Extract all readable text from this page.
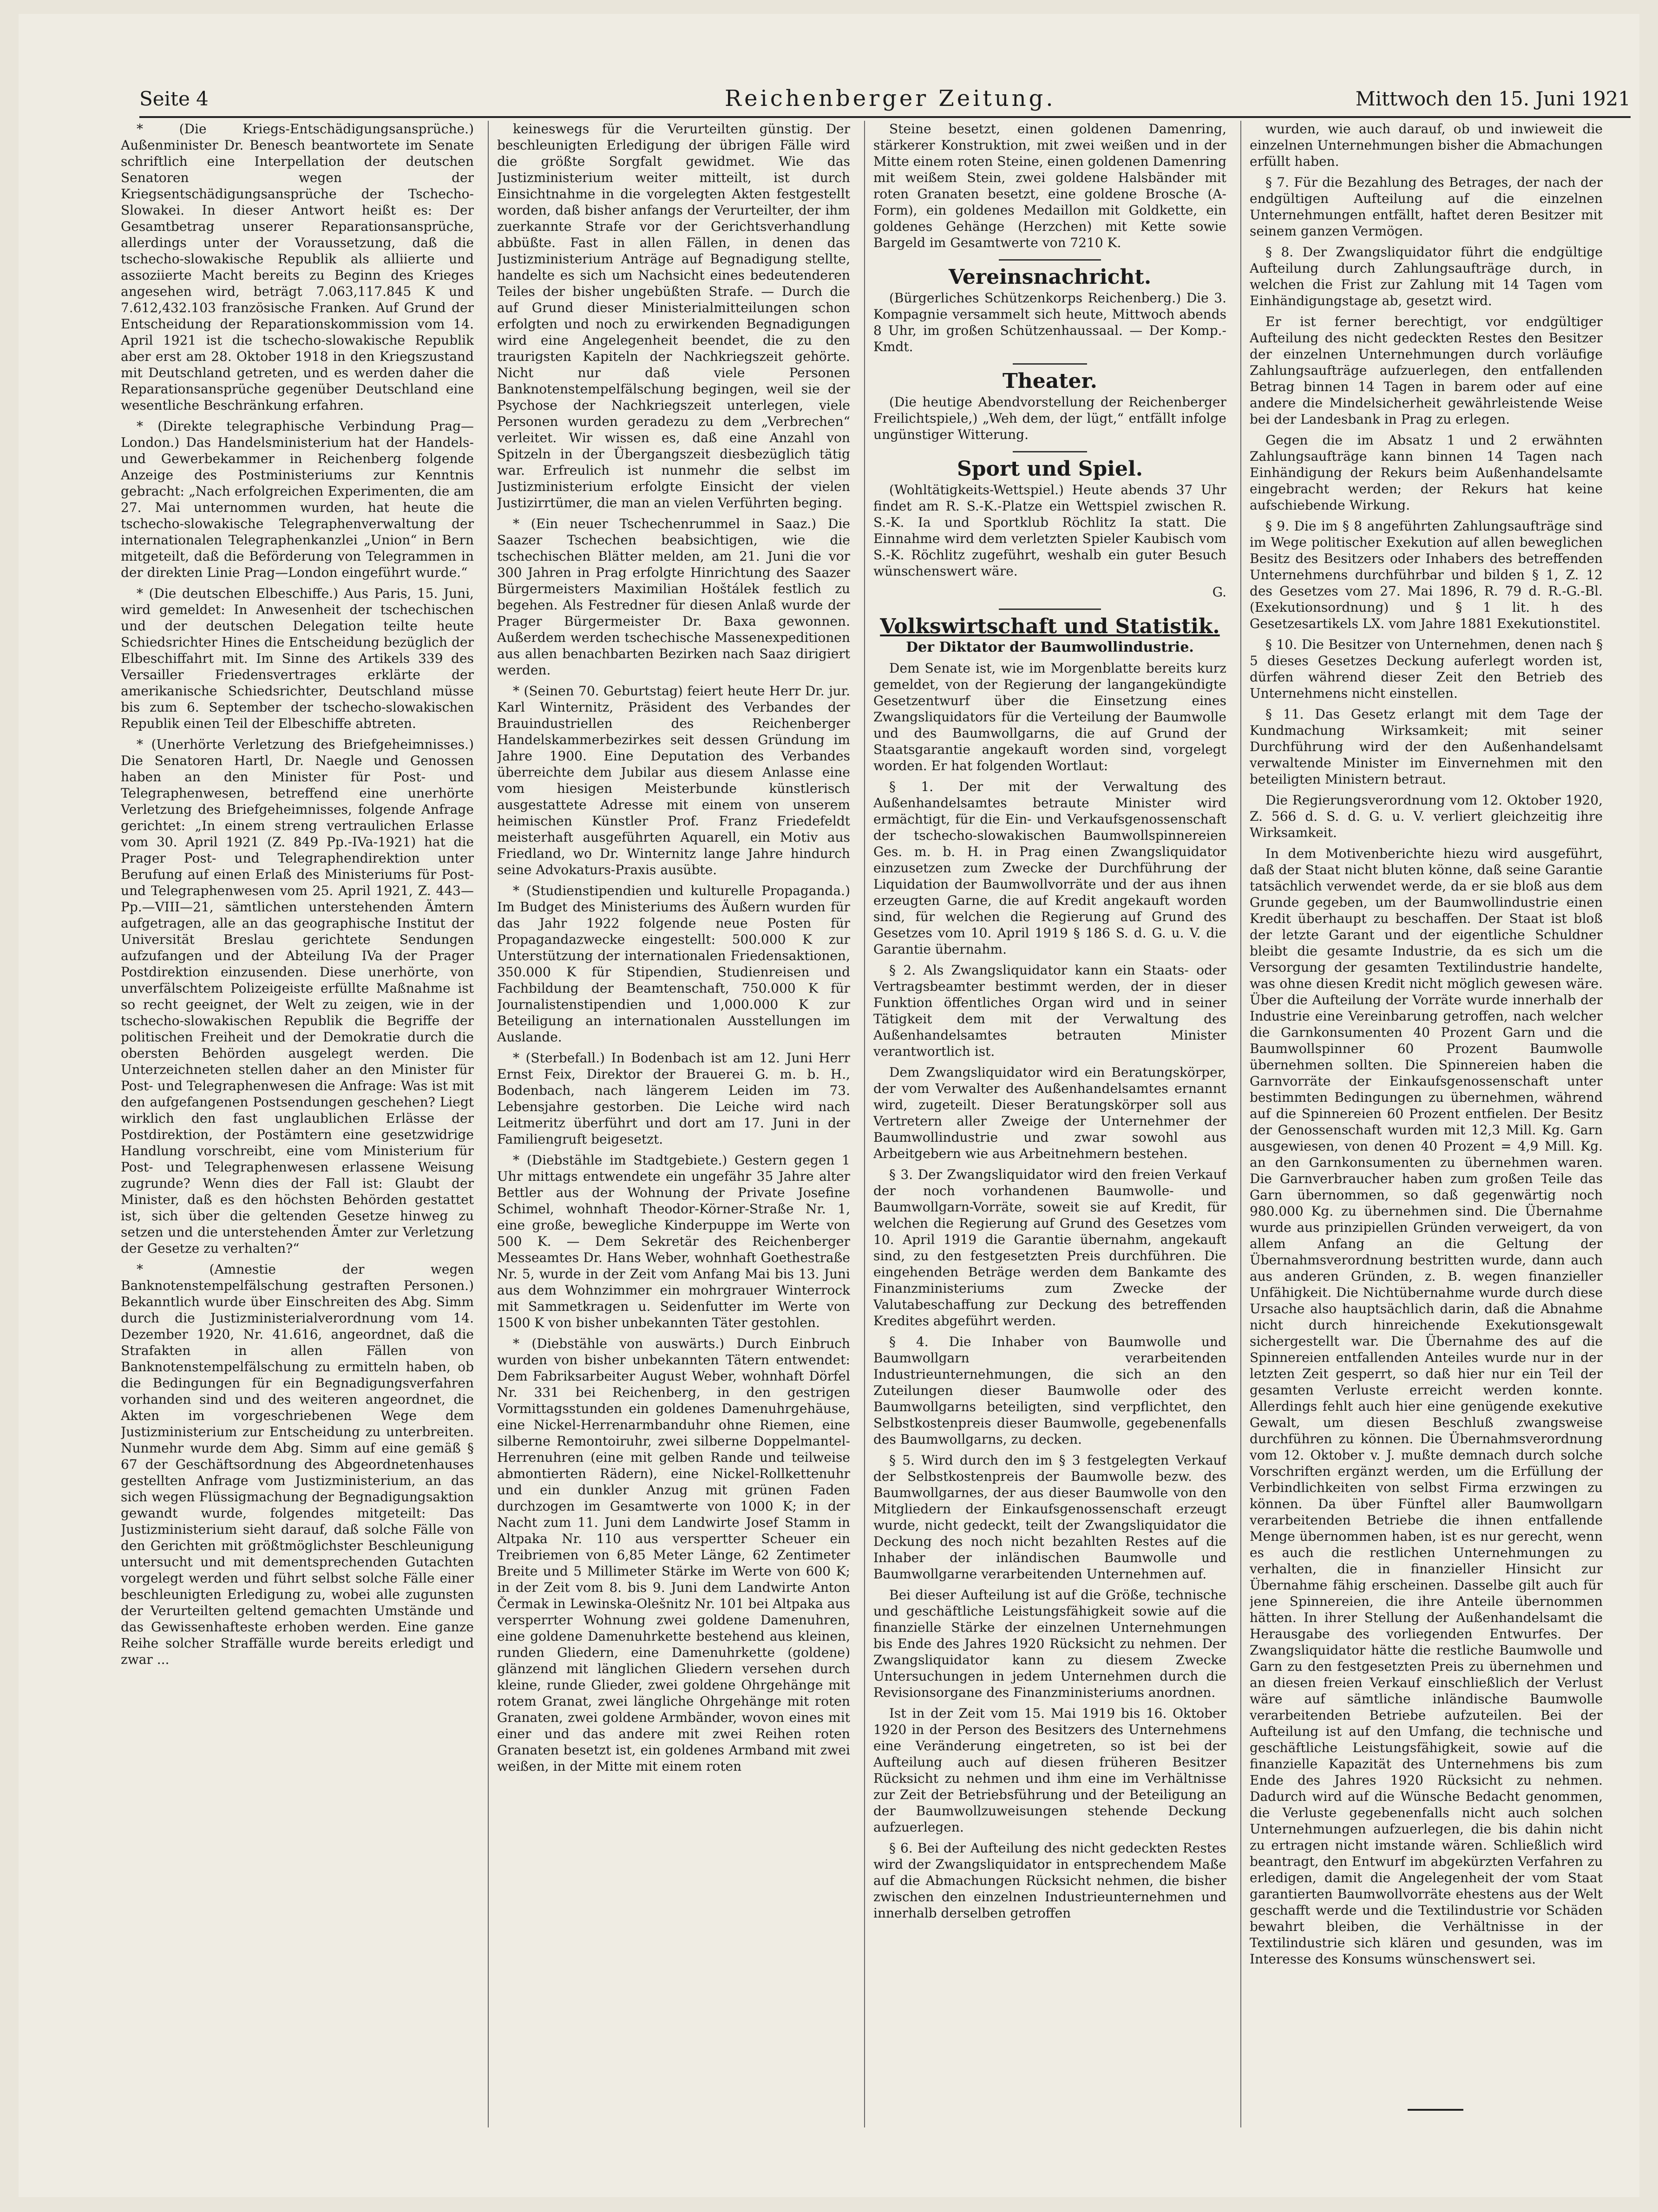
Seite 4	Reichenberger Zeitung.	Mittwoch den 15. Juni 1921

* (Die Kriegs-Entschädigungsansprüche.) Außenminister Dr. Benesch beantwortete im Senate schriftlich eine Interpellation der deutschen Senatoren wegen der Kriegsentschädigungsansprüche der Tschecho-Slowakei. In dieser Antwort heißt es: Der Gesamtbetrag unserer Reparationsansprüche, allerdings unter der Voraussetzung, daß die tschecho-slowakische Republik als alliierte und assoziierte Macht bereits zu Beginn des Krieges angesehen wird, beträgt 7.063,117.845 K und 7.612,432.103 französische Franken. Auf Grund der Entscheidung der Reparationskommission vom 14. April 1921 ist die tschecho-slowakische Republik aber erst am 28. Oktober 1918 in den Kriegszustand mit Deutschland getreten, und es werden daher die Reparationsansprüche gegenüber Deutschland eine wesentliche Beschränkung erfahren.

* (Direkte telegraphische Verbindung Prag—London.) Das Handelsministerium hat der Handels- und Gewerbekammer in Reichenberg folgende Anzeige des Postministeriums zur Kenntnis gebracht: „Nach erfolgreichen Experimenten, die am 27. Mai unternommen wurden, hat heute die tschecho-slowakische Telegraphenverwaltung der internationalen Telegraphenkanzlei „Union“ in Bern mitgeteilt, daß die Beförderung von Telegrammen in der direkten Linie Prag—London eingeführt wurde.“

* (Die deutschen Elbeschiffe.) Aus Paris, 15. Juni, wird gemeldet: In Anwesenheit der tschechischen und der deutschen Delegation teilte heute Schiedsrichter Hines die Entscheidung bezüglich der Elbeschiffahrt mit. Im Sinne des Artikels 339 des Versailler Friedensvertrages erklärte der amerikanische Schiedsrichter, Deutschland müsse bis zum 6. September der tschecho-slowakischen Republik einen Teil der Elbeschiffe abtreten.

* (Unerhörte Verletzung des Briefgeheimnisses.) Die Senatoren Hartl, Dr. Naegle und Genossen haben an den Minister für Post- und Telegraphenwesen, betreffend eine unerhörte Verletzung des Briefgeheimnisses, folgende Anfrage gerichtet: „In einem streng vertraulichen Erlasse vom 30. April 1921 (Z. 849 Pp.-IVa-1921) hat die Prager Post- und Telegraphendirektion unter Berufung auf einen Erlaß des Ministeriums für Post- und Telegraphenwesen vom 25. April 1921, Z. 443—Pp.—VIII—21, sämtlichen unterstehenden Ämtern aufgetragen, alle an das geographische Institut der Universität Breslau gerichtete Sendungen aufzufangen und der Abteilung IVa der Prager Postdirektion einzusenden. Diese unerhörte, von unverfälschtem Polizeigeiste erfüllte Maßnahme ist so recht geeignet, der Welt zu zeigen, wie in der tschecho-slowakischen Republik die Begriffe der politischen Freiheit und der Demokratie durch die obersten Behörden ausgelegt werden. Die Unterzeichneten stellen daher an den Minister für Post- und Telegraphenwesen die Anfrage: Was ist mit den aufgefangenen Postsendungen geschehen? Liegt wirklich den fast unglaublichen Erlässe der Postdirektion, der Postämtern eine gesetzwidrige Handlung vorschreibt, eine vom Ministerium für Post- und Telegraphenwesen erlassene Weisung zugrunde? Wenn dies der Fall ist: Glaubt der Minister, daß es den höchsten Behörden gestattet ist, sich über die geltenden Gesetze hinweg zu setzen und die unterstehenden Ämter zur Verletzung der Gesetze zu verhalten?“

* (Amnestie der wegen Banknotenstempelfälschung gestraften Personen.) Bekanntlich wurde über Einschreiten des Abg. Simm durch die Justizministerialverordnung vom 14. Dezember 1920, Nr. 41.616, angeordnet, daß die Strafakten in allen Fällen von Banknotenstempelfälschung zu ermitteln haben, ob die Bedingungen für ein Begnadigungsverfahren vorhanden sind und des weiteren angeordnet, die Akten im vorgeschriebenen Wege dem Justizministerium zur Entscheidung zu unterbreiten. Nunmehr wurde dem Abg. Simm auf eine gemäß § 67 der Geschäftsordnung des Abgeordnetenhauses gestellten Anfrage vom Justizministerium, an das sich wegen Flüssigmachung der Begnadigungsaktion gewandt wurde, folgendes mitgeteilt: Das Justizministerium sieht darauf, daß solche Fälle von den Gerichten mit größtmöglichster Beschleunigung untersucht und mit dementsprechenden Gutachten vorgelegt werden und führt selbst solche Fälle einer beschleunigten Erledigung zu, wobei alle zugunsten der Verurteilten geltend gemachten Umstände und das Gewissenhafteste erhoben werden. Eine ganze Reihe solcher Straffälle wurde bereits erledigt und zwar ...

keineswegs für die Verurteilten günstig. Der beschleunigten Erledigung der übrigen Fälle wird die größte Sorgfalt gewidmet. Wie das Justizministerium weiter mitteilt, ist durch Einsichtnahme in die vorgelegten Akten festgestellt worden, daß bisher anfangs der Verurteilter, der ihm zuerkannte Strafe vor der Gerichtsverhandlung abbüßte. Fast in allen Fällen, in denen das Justizministerium Anträge auf Begnadigung stellte, handelte es sich um Nachsicht eines bedeutenderen Teiles der bisher ungebüßten Strafe. — Durch die auf Grund dieser Ministerialmitteilungen schon erfolgten und noch zu erwirkenden Begnadigungen wird eine Angelegenheit beendet, die zu den traurigsten Kapiteln der Nachkriegszeit gehörte. Nicht nur daß viele Personen Banknotenstempelfälschung begingen, weil sie der Psychose der Nachkriegszeit unterlegen, viele Personen wurden geradezu zu dem „Verbrechen“ verleitet. Wir wissen es, daß eine Anzahl von Spitzeln in der Übergangszeit diesbezüglich tätig war. Erfreulich ist nunmehr die selbst im Justizministerium erfolgte Einsicht der vielen Justizirrtümer, die man an vielen Verführten beging.

* (Ein neuer Tschechenrummel in Saaz.) Die Saazer Tschechen beabsichtigen, wie die tschechischen Blätter melden, am 21. Juni die vor 300 Jahren in Prag erfolgte Hinrichtung des Saazer Bürgermeisters Maximilian Hoštálek festlich zu begehen. Als Festredner für diesen Anlaß wurde der Prager Bürgermeister Dr. Baxa gewonnen. Außerdem werden tschechische Massenexpeditionen aus allen benachbarten Bezirken nach Saaz dirigiert werden.

* (Seinen 70. Geburtstag) feiert heute Herr Dr. jur. Karl Winternitz, Präsident des Verbandes der Brauindustriellen des Reichenberger Handelskammerbezirkes seit dessen Gründung im Jahre 1900. Eine Deputation des Verbandes überreichte dem Jubilar aus diesem Anlasse eine vom hiesigen Meisterbunde künstlerisch ausgestattete Adresse mit einem von unserem heimischen Künstler Prof. Franz Friedefeldt meisterhaft ausgeführten Aquarell, ein Motiv aus Friedland, wo Dr. Winternitz lange Jahre hindurch seine Advokaturs-Praxis ausübte.

* (Studienstipendien und kulturelle Propaganda.) Im Budget des Ministeriums des Äußern wurden für das Jahr 1922 folgende neue Posten für Propagandazwecke eingestellt: 500.000 K zur Unterstützung der internationalen Friedensaktionen, 350.000 K für Stipendien, Studienreisen und Fachbildung der Beamtenschaft, 750.000 K für Journalistenstipendien und 1,000.000 K zur Beteiligung an internationalen Ausstellungen im Auslande.

* (Sterbefall.) In Bodenbach ist am 12. Juni Herr Ernst Feix, Direktor der Brauerei G. m. b. H., Bodenbach, nach längerem Leiden im 73. Lebensjahre gestorben. Die Leiche wird nach Leitmeritz überführt und dort am 17. Juni in der Familiengruft beigesetzt.

* (Diebstähle im Stadtgebiete.) Gestern gegen 1 Uhr mittags entwendete ein ungefähr 35 Jahre alter Bettler aus der Wohnung der Private Josefine Schimel, wohnhaft Theodor-Körner-Straße Nr. 1, eine große, bewegliche Kinderpuppe im Werte von 500 K. — Dem Sekretär des Reichenberger Messeamtes Dr. Hans Weber, wohnhaft Goethestraße Nr. 5, wurde in der Zeit vom Anfang Mai bis 13. Juni aus dem Wohnzimmer ein mohrgrauer Winterrock mit Sammetkragen u. Seidenfutter im Werte von 1500 K von bisher unbekannten Täter gestohlen.

* (Diebstähle von auswärts.) Durch Einbruch wurden von bisher unbekannten Tätern entwendet: Dem Fabriksarbeiter August Weber, wohnhaft Dörfel Nr. 331 bei Reichenberg, in den gestrigen Vormittagsstunden ein goldenes Damenuhrgehäuse, eine Nickel-Herrenarmbanduhr ohne Riemen, eine silberne Remontoiruhr, zwei silberne Doppelmantel-Herrenuhren (eine mit gelben Rande und teilweise abmontierten Rädern), eine Nickel-Rollkettenuhr und ein dunkler Anzug mit grünen Faden durchzogen im Gesamtwerte von 1000 K; in der Nacht zum 11. Juni dem Landwirte Josef Stamm in Altpaka Nr. 110 aus verspertter Scheuer ein Treibriemen von 6,85 Meter Länge, 62 Zentimeter Breite und 5 Millimeter Stärke im Werte von 600 K; in der Zeit vom 8. bis 9. Juni dem Landwirte Anton Čermak in Lewinska-Olešnitz Nr. 101 bei Altpaka aus versperrter Wohnung zwei goldene Damenuhren, eine goldene Damenuhrkette bestehend aus kleinen, runden Gliedern, eine Damenuhrkette (goldene) glänzend mit länglichen Gliedern versehen durch kleine, runde Glieder, zwei goldene Ohrgehänge mit rotem Granat, zwei längliche Ohrgehänge mit roten Granaten, zwei goldene Armbänder, wovon eines mit einer und das andere mit zwei Reihen roten Granaten besetzt ist, ein goldenes Armband mit zwei weißen, in der Mitte mit einem roten

Steine besetzt, einen goldenen Damenring, stärkerer Konstruktion, mit zwei weißen und in der Mitte einem roten Steine, einen goldenen Damenring mit weißem Stein, zwei goldene Halsbänder mit roten Granaten besetzt, eine goldene Brosche (A-Form), ein goldenes Medaillon mit Goldkette, ein goldenes Gehänge (Herzchen) mit Kette sowie Bargeld im Gesamtwerte von 7210 K.

Vereinsnachricht.

(Bürgerliches Schützenkorps Reichenberg.) Die 3. Kompagnie versammelt sich heute, Mittwoch abends 8 Uhr, im großen Schützenhaussaal. — Der Komp.-Kmdt.

Theater.

(Die heutige Abendvorstellung der Reichenberger Freilichtspiele,) „Weh dem, der lügt,“ entfällt infolge ungünstiger Witterung.

Sport und Spiel.

(Wohltätigkeits-Wettspiel.) Heute abends 37 Uhr findet am R. S.-K.-Platze ein Wettspiel zwischen R. S.-K. Ia und Sportklub Röchlitz Ia statt. Die Einnahme wird dem verletzten Spieler Kaubisch vom S.-K. Röchlitz zugeführt, weshalb ein guter Besuch wünschenswert wäre.

G.

Volkswirtschaft und Statistik.

Der Diktator der Baumwollindustrie.

Dem Senate ist, wie im Morgenblatte bereits kurz gemeldet, von der Regierung der langangekündigte Gesetzentwurf über die Einsetzung eines Zwangsliquidators für die Verteilung der Baumwolle und des Baumwollgarns, die auf Grund der Staatsgarantie angekauft worden sind, vorgelegt worden. Er hat folgenden Wortlaut:

§ 1. Der mit der Verwaltung des Außenhandelsamtes betraute Minister wird ermächtigt, für die Ein- und Verkaufsgenossenschaft der tschecho-slowakischen Baumwollspinnereien Ges. m. b. H. in Prag einen Zwangsliquidator einzusetzen zum Zwecke der Durchführung der Liquidation der Baumwollvorräte und der aus ihnen erzeugten Garne, die auf Kredit angekauft worden sind, für welchen die Regierung auf Grund des Gesetzes vom 10. April 1919 § 186 S. d. G. u. V. die Garantie übernahm.

§ 2. Als Zwangsliquidator kann ein Staats- oder Vertragsbeamter bestimmt werden, der in dieser Funktion öffentliches Organ wird und in seiner Tätigkeit dem mit der Verwaltung des Außenhandelsamtes betrauten Minister verantwortlich ist.

Dem Zwangsliquidator wird ein Beratungskörper, der vom Verwalter des Außenhandelsamtes ernannt wird, zugeteilt. Dieser Beratungskörper soll aus Vertretern aller Zweige der Unternehmer der Baumwollindustrie und zwar sowohl aus Arbeitgebern wie aus Arbeitnehmern bestehen.

§ 3. Der Zwangsliquidator wird den freien Verkauf der noch vorhandenen Baumwolle- und Baumwollgarn-Vorräte, soweit sie auf Kredit, für welchen die Regierung auf Grund des Gesetzes vom 10. April 1919 die Garantie übernahm, angekauft sind, zu den festgesetzten Preis durchführen. Die eingehenden Beträge werden dem Bankamte des Finanzministeriums zum Zwecke der Valutabeschaffung zur Deckung des betreffenden Kredites abgeführt werden.

§ 4. Die Inhaber von Baumwolle und Baumwollgarn verarbeitenden Industrieunternehmungen, die sich an den Zuteilungen dieser Baumwolle oder des Baumwollgarns beteiligten, sind verpflichtet, den Selbstkostenpreis dieser Baumwolle, gegebenenfalls des Baumwollgarns, zu decken.

§ 5. Wird durch den im § 3 festgelegten Verkauf der Selbstkostenpreis der Baumwolle bezw. des Baumwollgarnes, der aus dieser Baumwolle von den Mitgliedern der Einkaufsgenossenschaft erzeugt wurde, nicht gedeckt, teilt der Zwangsliquidator die Deckung des noch nicht bezahlten Restes auf die Inhaber der inländischen Baumwolle und Baumwollgarne verarbeitenden Unternehmen auf.

Bei dieser Aufteilung ist auf die Größe, technische und geschäftliche Leistungsfähigkeit sowie auf die finanzielle Stärke der einzelnen Unternehmungen bis Ende des Jahres 1920 Rücksicht zu nehmen. Der Zwangsliquidator kann zu diesem Zwecke Untersuchungen in jedem Unternehmen durch die Revisionsorgane des Finanzministeriums anordnen.

Ist in der Zeit vom 15. Mai 1919 bis 16. Oktober 1920 in der Person des Besitzers des Unternehmens eine Veränderung eingetreten, so ist bei der Aufteilung auch auf diesen früheren Besitzer Rücksicht zu nehmen und ihm eine im Verhältnisse zur Zeit der Betriebsführung und der Beteiligung an der Baumwollzuweisungen stehende Deckung aufzuerlegen.

§ 6. Bei der Aufteilung des nicht gedeckten Restes wird der Zwangsliquidator in entsprechendem Maße auf die Abmachungen Rücksicht nehmen, die bisher zwischen den einzelnen Industrieunternehmen und innerhalb derselben getroffen

wurden, wie auch darauf, ob und inwieweit die einzelnen Unternehmungen bisher die Abmachungen erfüllt haben.

§ 7. Für die Bezahlung des Betrages, der nach der endgültigen Aufteilung auf die einzelnen Unternehmungen entfällt, haftet deren Besitzer mit seinem ganzen Vermögen.

§ 8. Der Zwangsliquidator führt die endgültige Aufteilung durch Zahlungsaufträge durch, in welchen die Frist zur Zahlung mit 14 Tagen vom Einhändigungstage ab, gesetzt wird.

Er ist ferner berechtigt, vor endgültiger Aufteilung des nicht gedeckten Restes den Besitzer der einzelnen Unternehmungen durch vorläufige Zahlungsaufträge aufzuerlegen, den entfallenden Betrag binnen 14 Tagen in barem oder auf eine andere die Mindelsicherheit gewährleistende Weise bei der Landesbank in Prag zu erlegen.

Gegen die im Absatz 1 und 2 erwähnten Zahlungsaufträge kann binnen 14 Tagen nach Einhändigung der Rekurs beim Außenhandelsamte eingebracht werden; der Rekurs hat keine aufschiebende Wirkung.

§ 9. Die im § 8 angeführten Zahlungsaufträge sind im Wege politischer Exekution auf allen beweglichen Besitz des Besitzers oder Inhabers des betreffenden Unternehmens durchführbar und bilden § 1, Z. 12 des Gesetzes vom 27. Mai 1896, R. 79 d. R.-G.-Bl. (Exekutionsordnung) und § 1 lit. h des Gesetzesartikels LX. vom Jahre 1881 Exekutionstitel.

§ 10. Die Besitzer von Unternehmen, denen nach § 5 dieses Gesetzes Deckung auferlegt worden ist, dürfen während dieser Zeit den Betrieb des Unternehmens nicht einstellen.

§ 11. Das Gesetz erlangt mit dem Tage der Kundmachung Wirksamkeit; mit seiner Durchführung wird der den Außenhandelsamt verwaltende Minister im Einvernehmen mit den beteiligten Ministern betraut.

Die Regierungsverordnung vom 12. Oktober 1920, Z. 566 d. S. d. G. u. V. verliert gleichzeitig ihre Wirksamkeit.

In dem Motivenberichte hiezu wird ausgeführt, daß der Staat nicht bluten könne, daß seine Garantie tatsächlich verwendet werde, da er sie bloß aus dem Grunde gegeben, um der Baumwollindustrie einen Kredit überhaupt zu beschaffen. Der Staat ist bloß der letzte Garant und der eigentliche Schuldner bleibt die gesamte Industrie, da es sich um die Versorgung der gesamten Textilindustrie handelte, was ohne diesen Kredit nicht möglich gewesen wäre. Über die Aufteilung der Vorräte wurde innerhalb der Industrie eine Vereinbarung getroffen, nach welcher die Garnkonsumenten 40 Prozent Garn und die Baumwollspinner 60 Prozent Baumwolle übernehmen sollten. Die Spinnereien haben die Garnvorräte der Einkaufsgenossenschaft unter bestimmten Bedingungen zu übernehmen, während auf die Spinnereien 60 Prozent entfielen. Der Besitz der Genossenschaft wurden mit 12,3 Mill. Kg. Garn ausgewiesen, von denen 40 Prozent = 4,9 Mill. Kg. an den Garnkonsumenten zu übernehmen waren. Die Garnverbraucher haben zum großen Teile das Garn übernommen, so daß gegenwärtig noch 980.000 Kg. zu übernehmen sind. Die Übernahme wurde aus prinzipiellen Gründen verweigert, da von allem Anfang an die Geltung der Übernahmsverordnung bestritten wurde, dann auch aus anderen Gründen, z. B. wegen finanzieller Unfähigkeit. Die Nichtübernahme wurde durch diese Ursache also hauptsächlich darin, daß die Abnahme nicht durch hinreichende Exekutionsgewalt sichergestellt war. Die Übernahme des auf die Spinnereien entfallenden Anteiles wurde nur in der letzten Zeit gesperrt, so daß hier nur ein Teil der gesamten Verluste erreicht werden konnte. Allerdings fehlt auch hier eine genügende exekutive Gewalt, um diesen Beschluß zwangsweise durchführen zu können. Die Übernahmsverordnung vom 12. Oktober v. J. mußte demnach durch solche Vorschriften ergänzt werden, um die Erfüllung der Verbindlichkeiten von selbst Firma erzwingen zu können. Da über Fünftel aller Baumwollgarn verarbeitenden Betriebe die ihnen entfallende Menge übernommen haben, ist es nur gerecht, wenn es auch die restlichen Unternehmungen zu verhalten, die in finanzieller Hinsicht zur Übernahme fähig erscheinen. Dasselbe gilt auch für jene Spinnereien, die ihre Anteile übernommen hätten. In ihrer Stellung der Außenhandelsamt die Herausgabe des vorliegenden Entwurfes. Der Zwangsliquidator hätte die restliche Baumwolle und Garn zu den festgesetzten Preis zu übernehmen und an diesen freien Verkauf einschließlich der Verlust wäre auf sämtliche inländische Baumwolle verarbeitenden Betriebe aufzuteilen. Bei der Aufteilung ist auf den Umfang, die technische und geschäftliche Leistungsfähigkeit, sowie auf die finanzielle Kapazität des Unternehmens bis zum Ende des Jahres 1920 Rücksicht zu nehmen. Dadurch wird auf die Wünsche Bedacht genommen, die Verluste gegebenenfalls nicht auch solchen Unternehmungen aufzuerlegen, die bis dahin nicht zu ertragen nicht imstande wären. Schließlich wird beantragt, den Entwurf im abgekürzten Verfahren zu erledigen, damit die Angelegenheit der vom Staat garantierten Baumwollvorräte ehestens aus der Welt geschafft werde und die Textilindustrie vor Schäden bewahrt bleiben, die Verhältnisse in der Textilindustrie sich klären und gesunden, was im Interesse des Konsums wünschenswert sei.
